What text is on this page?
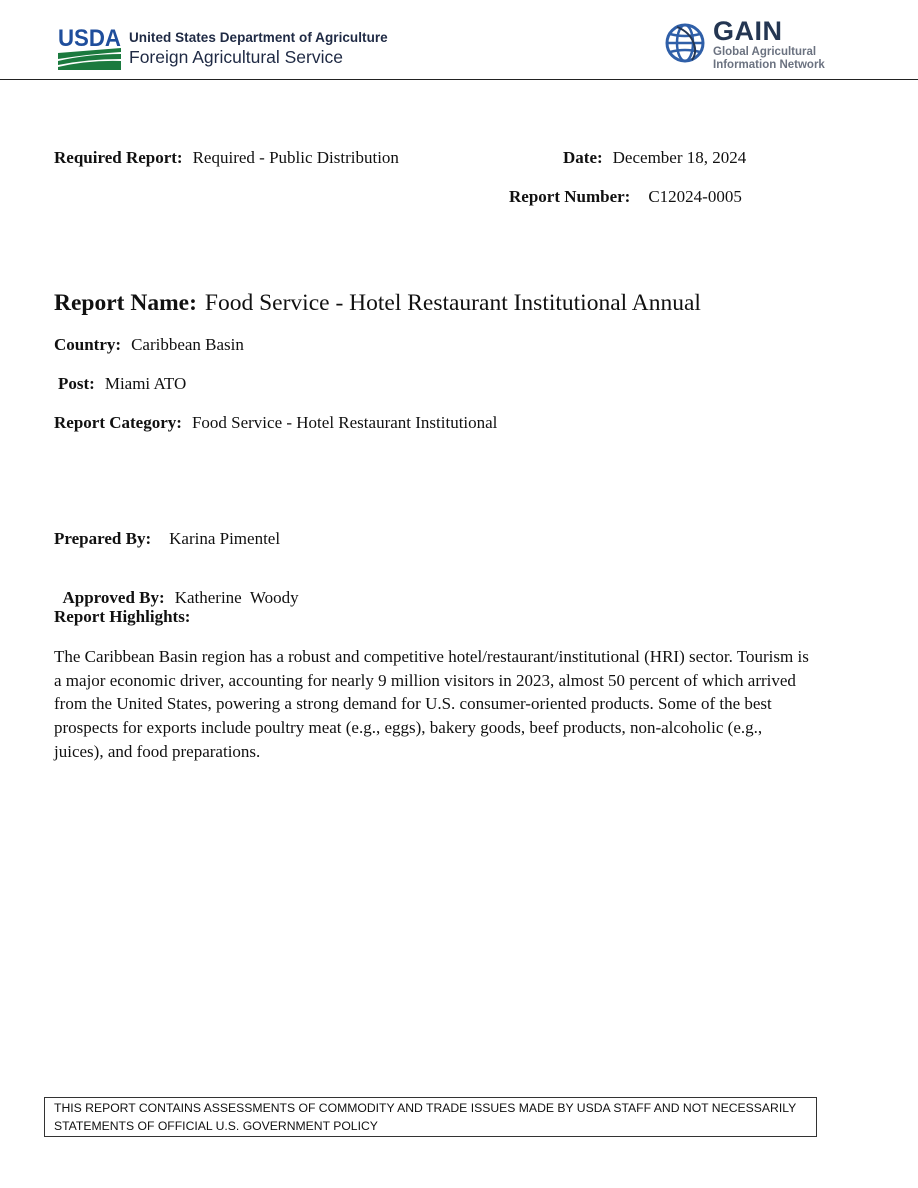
USDA United States Department of Agriculture
Foreign Agricultural Service
GAIN
Global Agricultural
Information Network
Required Report: Required - Public Distribution	Date: December 18, 2024
Report Number: C12024-0005
Report Name: Food Service - Hotel Restaurant Institutional Annual
Country: Caribbean Basin
Post: Miami ATO
Report Category: Food Service - Hotel Restaurant Institutional
Prepared By: Karina Pimentel

Approved By: Katherine  Woody

Report Highlights:
The Caribbean Basin region has a robust and competitive hotel/restaurant/institutional (HRI) sector. Tourism is a major economic driver, accounting for nearly 9 million visitors in 2023, almost 50 percent of which arrived from the United States, powering a strong demand for U.S. consumer-oriented products. Some of the best prospects for exports include poultry meat (e.g., eggs), bakery goods, beef products, non-alcoholic (e.g., juices), and food preparations.
THIS REPORT CONTAINS ASSESSMENTS OF COMMODITY AND TRADE ISSUES MADE BY USDA STAFF AND NOT NECESSARILY
STATEMENTS OF OFFICIAL U.S. GOVERNMENT POLICY
